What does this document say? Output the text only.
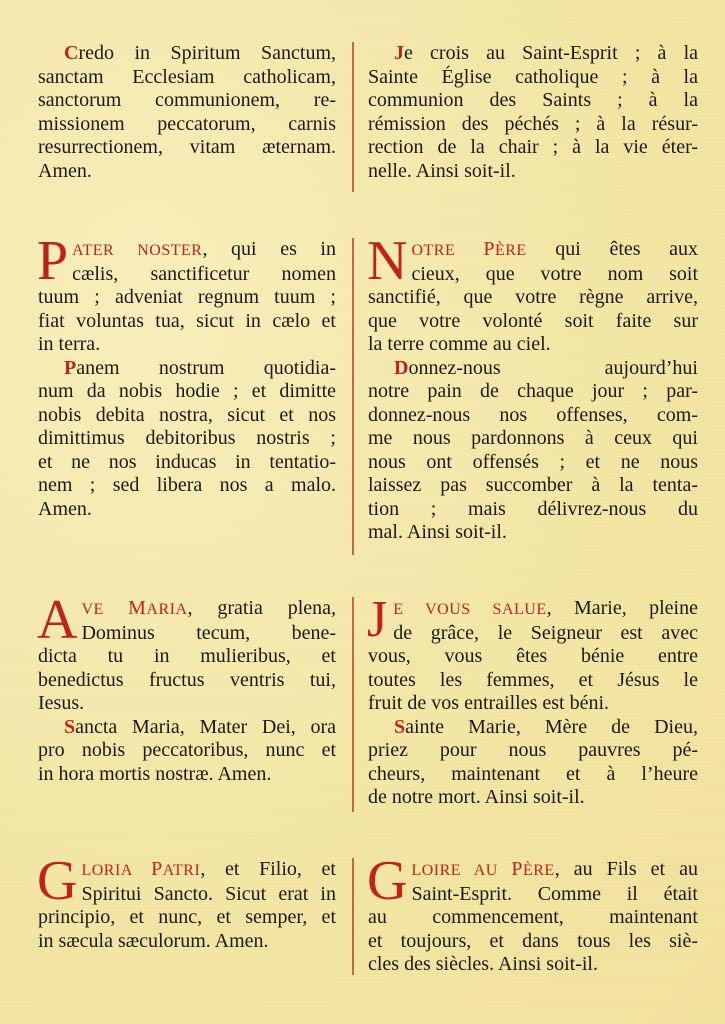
Credo in Spiritum Sanctum,
sanctam Ecclesiam catholicam,
sanctorum communionem, re-
missionem peccatorum, carnis
resurrectionem, vitam æternam.
Amen.
Je crois au Saint-Esprit ; à la
Sainte Église catholique ; à la
communion des Saints ; à la
rémission des péchés ; à la résur-
rection de la chair ; à la vie éter-
nelle. Ainsi soit-il.
P ATER NOSTER, qui es in
cælis, sanctificetur nomen
tuum ; adveniat regnum tuum ;
fiat voluntas tua, sicut in cælo et
in terra.
Panem nostrum quotidia-
num da nobis hodie ; et dimitte
nobis debita nostra, sicut et nos
dimittimus debitoribus nostris ;
et ne nos inducas in tentatio-
nem ; sed libera nos a malo.
Amen.
N OTRE PÈRE qui êtes aux
cieux, que votre nom soit
sanctifié, que votre règne arrive,
que votre volonté soit faite sur
la terre comme au ciel.
Donnez-nous aujourd’hui
notre pain de chaque jour ; par-
donnez-nous nos offenses, com-
me nous pardonnons à ceux qui
nous ont offensés ; et ne nous
laissez pas succomber à la tenta-
tion ; mais délivrez-nous du
mal. Ainsi soit-il.
A VE MARIA, gratia plena,
Dominus tecum, bene-
dicta tu in mulieribus, et
benedictus fructus ventris tui,
Iesus.
Sancta Maria, Mater Dei, ora
pro nobis peccatoribus, nunc et
in hora mortis nostræ. Amen.
J E VOUS SALUE, Marie, pleine
de grâce, le Seigneur est avec
vous, vous êtes bénie entre
toutes les femmes, et Jésus le
fruit de vos entrailles est béni.
Sainte Marie, Mère de Dieu,
priez pour nous pauvres pé-
cheurs, maintenant et à l’heure
de notre mort. Ainsi soit-il.
G LORIA PATRI, et Filio, et
Spiritui Sancto. Sicut erat in
principio, et nunc, et semper, et
in sæcula sæculorum. Amen.
G LOIRE AU PÈRE, au Fils et au
Saint-Esprit. Comme il était
au commencement, maintenant
et toujours, et dans tous les siè-
cles des siècles. Ainsi soit-il.
